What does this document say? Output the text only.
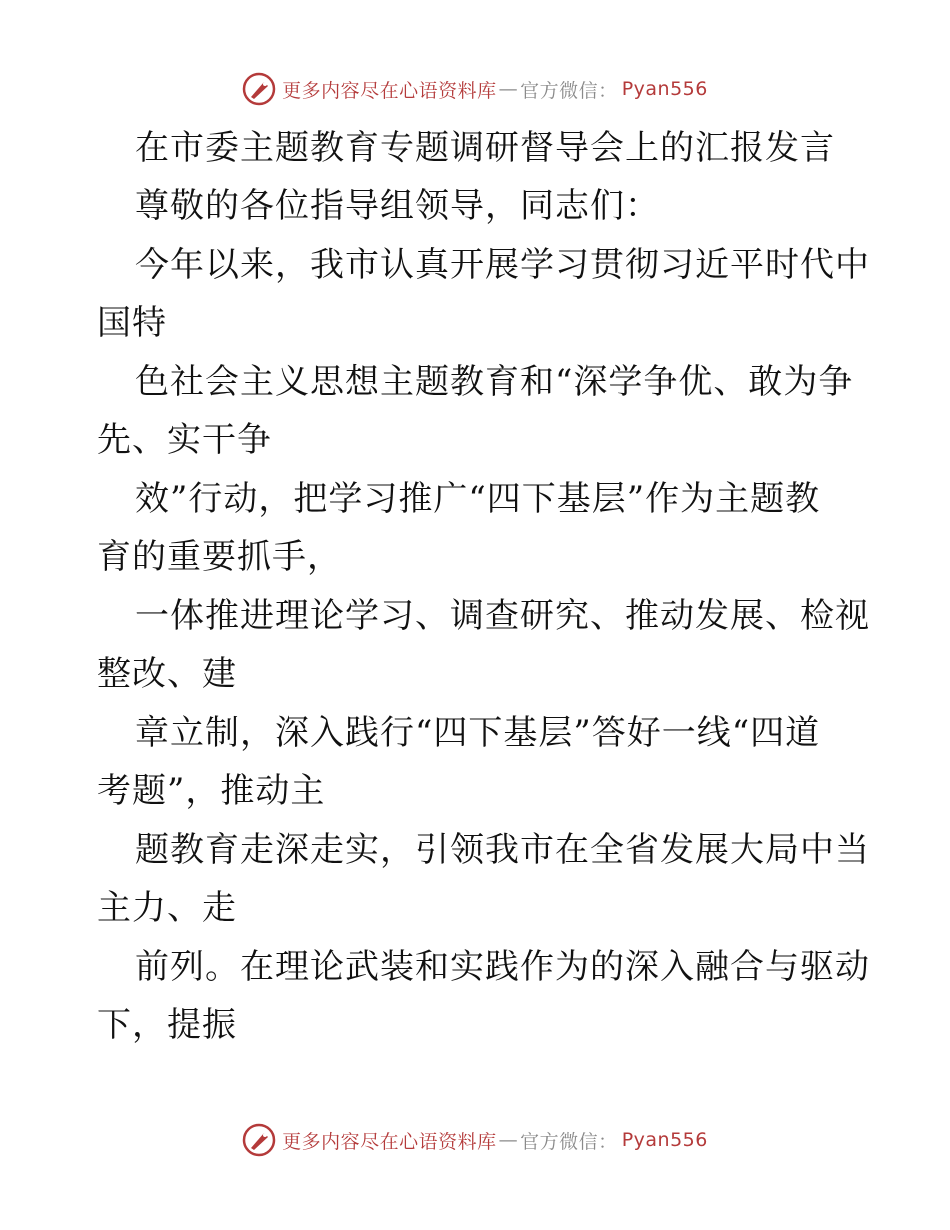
更多内容尽在心语资料库 — 官方微信： Pyan556
在市委主题教育专题调研督导会上的汇报发言
尊敬的各位指导组领导，同志们：
今年以来，我市认真开展学习贯彻习近平时代中
国特
色社会主义思想主题教育和“深学争优、敢为争
先、实干争
效”行动，把学习推广“四下基层”作为主题教
育的重要抓手，
一体推进理论学习、调查研究、推动发展、检视
整改、建
章立制，深入践行“四下基层”答好一线“四道
考题”，推动主
题教育走深走实，引领我市在全省发展大局中当
主力、走
前列。在理论武装和实践作为的深入融合与驱动
下，提振
更多内容尽在心语资料库 — 官方微信： Pyan556
